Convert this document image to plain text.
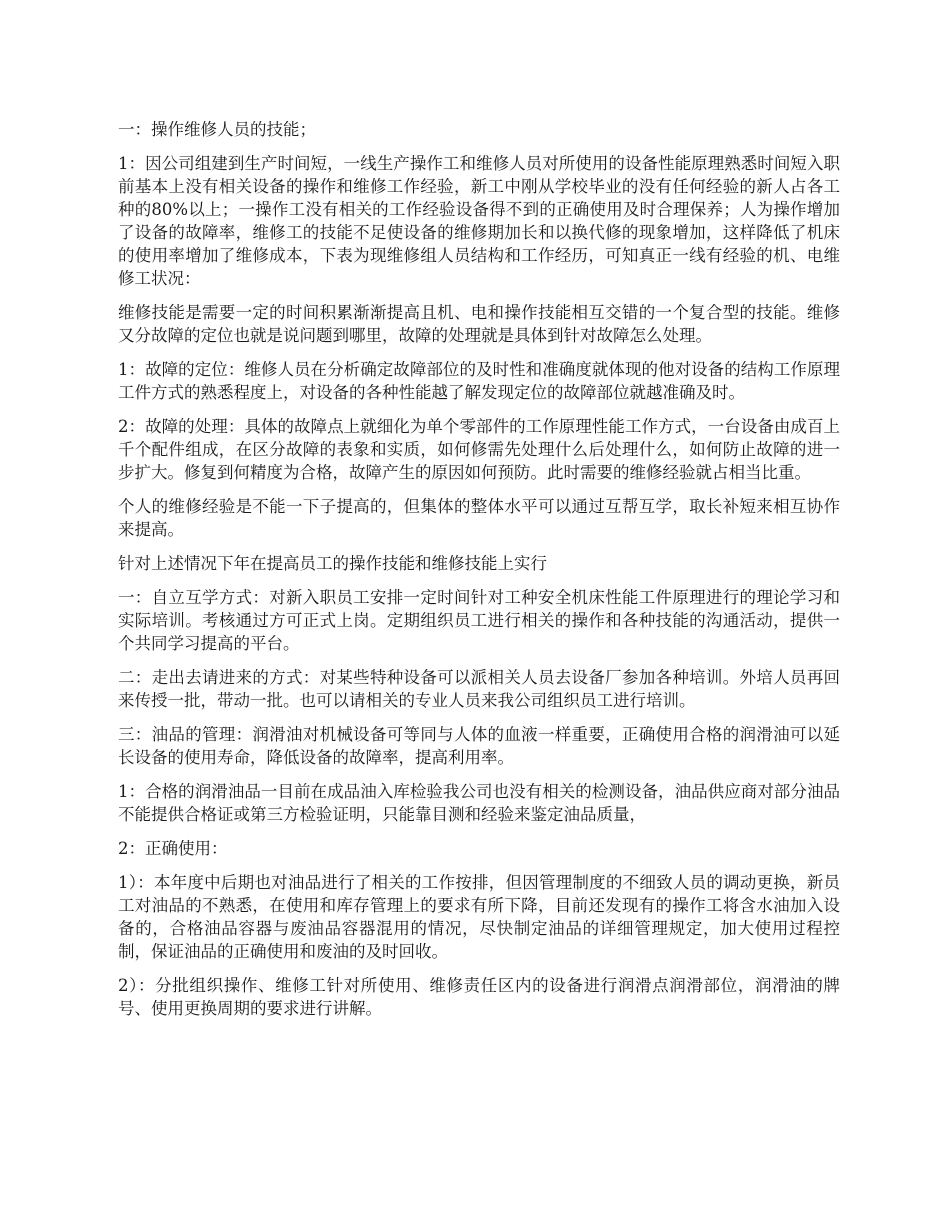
一：操作维修人员的技能；

1：因公司组建到生产时间短，一线生产操作工和维修人员对所使用的设备性能原理熟悉时间短入职前基本上没有相关设备的操作和维修工作经验，新工中刚从学校毕业的没有任何经验的新人占各工种的80%以上；一操作工没有相关的工作经验设备得不到的正确使用及时合理保养；人为操作增加了设备的故障率，维修工的技能不足使设备的维修期加长和以换代修的现象增加，这样降低了机床的使用率增加了维修成本，下表为现维修组人员结构和工作经历，可知真正一线有经验的机、电维修工状况：

维修技能是需要一定的时间积累渐渐提高且机、电和操作技能相互交错的一个复合型的技能。维修又分故障的定位也就是说问题到哪里，故障的处理就是具体到针对故障怎么处理。

1：故障的定位：维修人员在分析确定故障部位的及时性和准确度就体现的他对设备的结构工作原理工件方式的熟悉程度上，对设备的各种性能越了解发现定位的故障部位就越准确及时。

2：故障的处理：具体的故障点上就细化为单个零部件的工作原理性能工作方式，一台设备由成百上千个配件组成，在区分故障的表象和实质，如何修需先处理什么后处理什么，如何防止故障的进一步扩大。修复到何精度为合格，故障产生的原因如何预防。此时需要的维修经验就占相当比重。

个人的维修经验是不能一下子提高的，但集体的整体水平可以通过互帮互学，取长补短来相互协作来提高。

针对上述情况下年在提高员工的操作技能和维修技能上实行

一：自立互学方式：对新入职员工安排一定时间针对工种安全机床性能工件原理进行的理论学习和实际培训。考核通过方可正式上岗。定期组织员工进行相关的操作和各种技能的沟通活动，提供一个共同学习提高的平台。

二：走出去请进来的方式：对某些特种设备可以派相关人员去设备厂参加各种培训。外培人员再回来传授一批，带动一批。也可以请相关的专业人员来我公司组织员工进行培训。

三：油品的管理：润滑油对机械设备可等同与人体的血液一样重要，正确使用合格的润滑油可以延长设备的使用寿命，降低设备的故障率，提高利用率。

1：合格的润滑油品一目前在成品油入库检验我公司也没有相关的检测设备，油品供应商对部分油品不能提供合格证或第三方检验证明，只能靠目测和经验来鉴定油品质量，

2：正确使用：

1）：本年度中后期也对油品进行了相关的工作按排，但因管理制度的不细致人员的调动更换，新员工对油品的不熟悉，在使用和库存管理上的要求有所下降，目前还发现有的操作工将含水油加入设备的，合格油品容器与废油品容器混用的情况，尽快制定油品的详细管理规定，加大使用过程控制，保证油品的正确使用和废油的及时回收。

2）：分批组织操作、维修工针对所使用、维修责任区内的设备进行润滑点润滑部位，润滑油的牌号、使用更换周期的要求进行讲解。
